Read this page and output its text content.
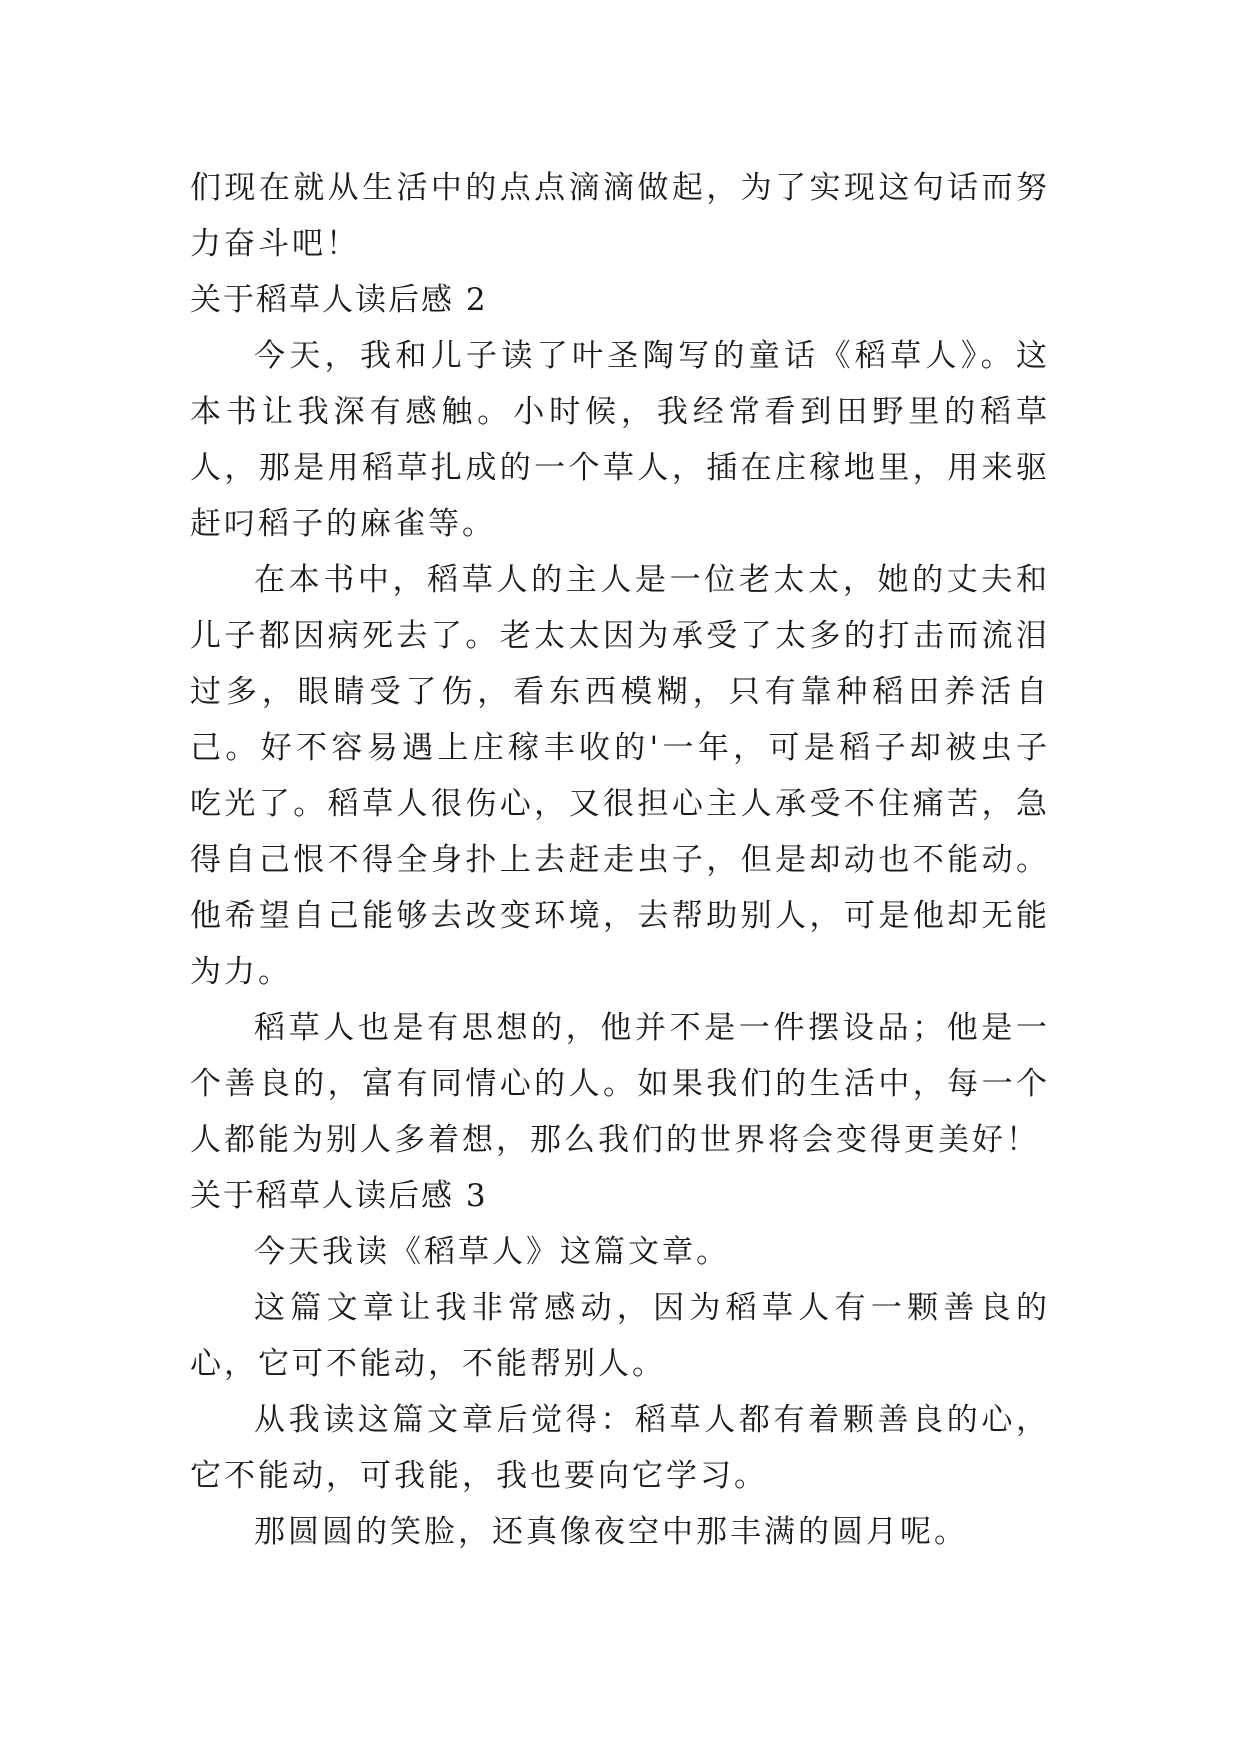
们现在就从生活中的点点滴滴做起，为了实现这句话而努力奋斗吧！

关于稻草人读后感 2

今天，我和儿子读了叶圣陶写的童话《稻草人》。这本书让我深有感触。小时候，我经常看到田野里的稻草人，那是用稻草扎成的一个草人，插在庄稼地里，用来驱赶叼稻子的麻雀等。

在本书中，稻草人的主人是一位老太太，她的丈夫和儿子都因病死去了。老太太因为承受了太多的打击而流泪过多，眼睛受了伤，看东西模糊，只有靠种稻田养活自己。好不容易遇上庄稼丰收的'一年，可是稻子却被虫子吃光了。稻草人很伤心，又很担心主人承受不住痛苦，急得自己恨不得全身扑上去赶走虫子，但是却动也不能动。他希望自己能够去改变环境，去帮助别人，可是他却无能为力。

稻草人也是有思想的，他并不是一件摆设品；他是一个善良的，富有同情心的人。如果我们的生活中，每一个人都能为别人多着想，那么我们的世界将会变得更美好！

关于稻草人读后感 3

今天我读《稻草人》这篇文章。

这篇文章让我非常感动，因为稻草人有一颗善良的心，它可不能动，不能帮别人。

从我读这篇文章后觉得：稻草人都有着颗善良的心，它不能动，可我能，我也要向它学习。

那圆圆的笑脸，还真像夜空中那丰满的圆月呢。
